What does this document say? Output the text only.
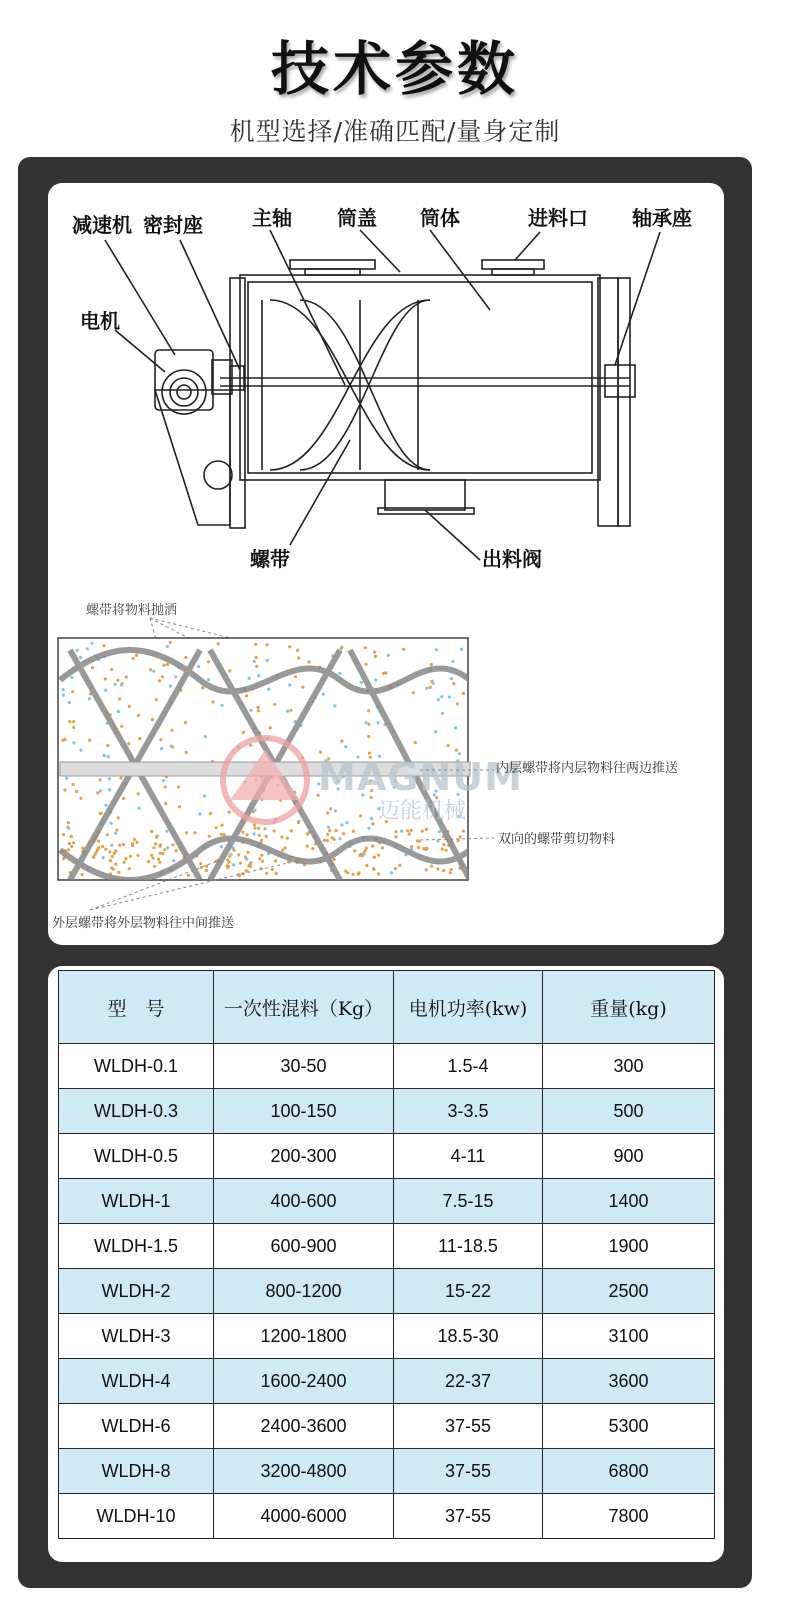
技术参数
机型选择/准确匹配/量身定制
减速机 密封座 主轴 筒盖 筒体	进料口 轴承座
电机
螺带	出料阀
螺带将物料抛洒
MAGNUM
迈能机械
内层螺带将内层物料往两边推送
双向的螺带剪切物料
外层螺带将外层物料往中间推送
型　号	一次性混料（Kg）	电机功率(kw)	重量(kg)
WLDH-0.1	30-50	1.5-4	300
WLDH-0.3	100-150	3-3.5	500
WLDH-0.5	200-300	4-11	900
WLDH-1	400-600	7.5-15	1400
WLDH-1.5	600-900	11-18.5	1900
WLDH-2	800-1200	15-22	2500
WLDH-3	1200-1800	18.5-30	3100
WLDH-4	1600-2400	22-37	3600
WLDH-6	2400-3600	37-55	5300
WLDH-8	3200-4800	37-55	6800
WLDH-10	4000-6000	37-55	7800
